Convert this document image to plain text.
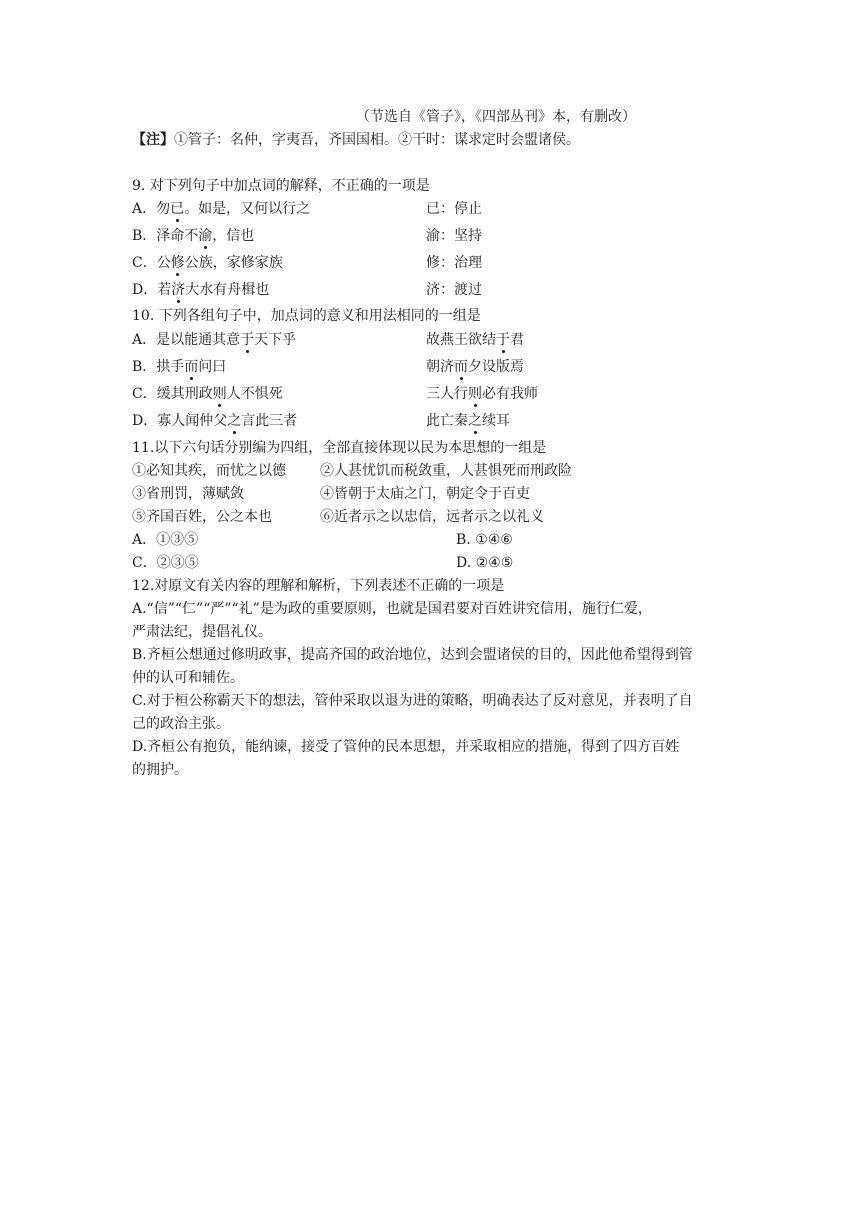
（节选自《管子》，《四部丛刊》本，有删改）
【注】①管子：名仲，字夷吾，齐国国相。②干时：谋求定时会盟诸侯。
9. 对下列句子中加点词的解释，不正确的一项是
A．勿已。如是，又何以行之	已：停止
B．泽命不渝，信也	渝：坚持
C．公修公族，家修家族	修：治理
D．若济大水有舟楫也	济：渡过
10. 下列各组句子中，加点词的意义和用法相同的一组是
A．是以能通其意于天下乎	故燕王欲结于君
B．拱手而问曰	朝济而夕设版焉
C．缓其刑政则人不惧死	三人行则必有我师
D．寡人闻仲父之言此三者	此亡秦之续耳
11.以下六句话分别编为四组，全部直接体现以民为本思想的一组是
①必知其疾，而忧之以德 ②人甚忧饥而税敛重，人甚惧死而刑政险
③省刑罚，薄赋敛	④皆朝于太庙之门，朝定令于百吏
⑤齐国百姓，公之本也	⑥近者示之以忠信，远者示之以礼义
A．①③⑤	B. ①④⑥
C．②③⑤	D. ②④⑤
12.对原文有关内容的理解和解析，下列表述不正确的一项是
A.“信”“仁”“严”“礼”是为政的重要原则，也就是国君要对百姓讲究信用，施行仁爱，
严肃法纪，提倡礼仪。
B.齐桓公想通过修明政事，提高齐国的政治地位，达到会盟诸侯的目的，因此他希望得到管
仲的认可和辅佐。
C.对于桓公称霸天下的想法，管仲采取以退为进的策略，明确表达了反对意见，并表明了自
己的政治主张。
D.齐桓公有抱负，能纳谏，接受了管仲的民本思想，并采取相应的措施，得到了四方百姓
的拥护。
